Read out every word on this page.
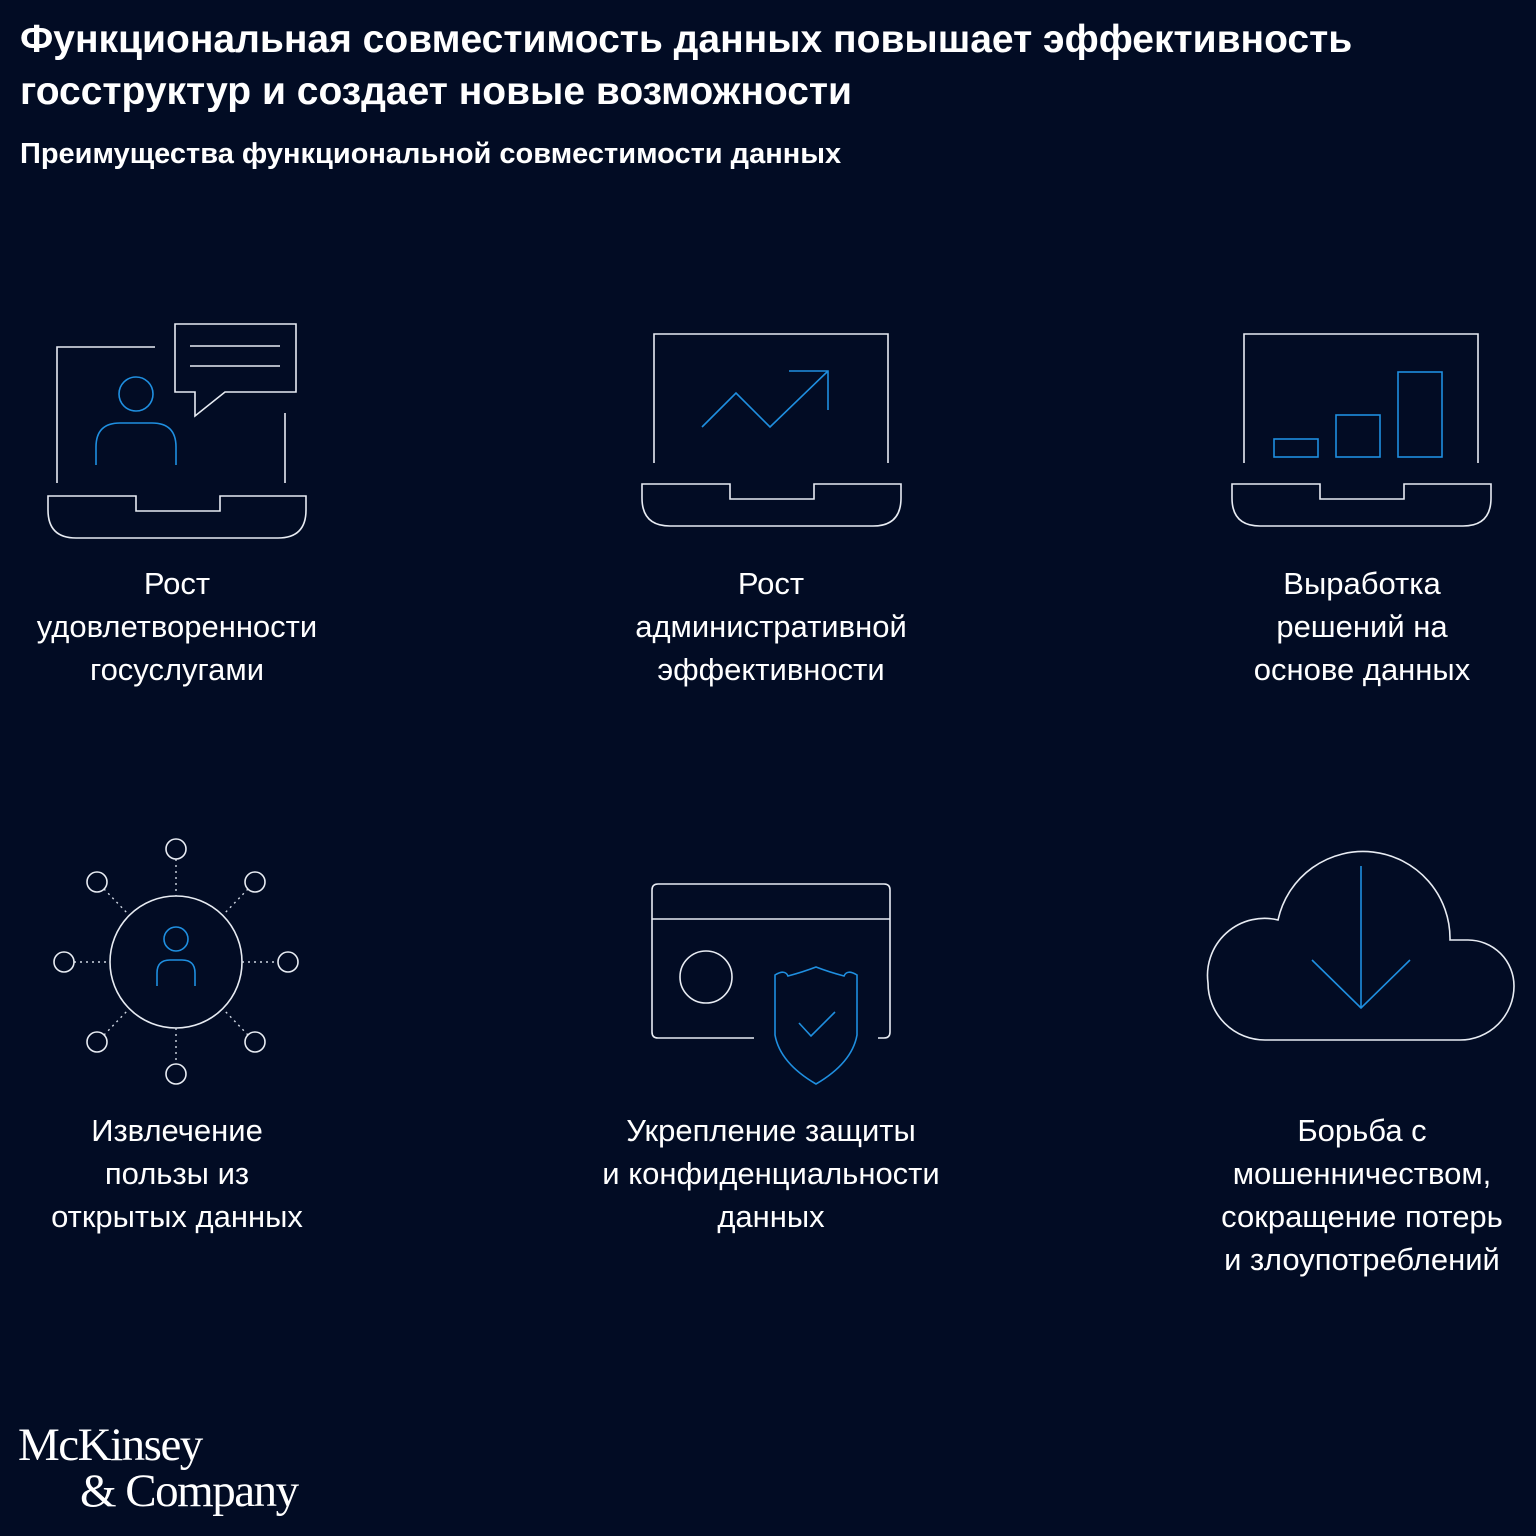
Функциональная совместимость данных повышает эффективность госструктур и создает новые возможности
Преимущества функциональной совместимости данных
Рост
удовлетворенности
госуслугами
Рост
административной
эффективности
Выработка
решений на
основе данных
Извлечение
пользы из
открытых данных
Укрепление защиты
и конфиденциальности
данных
Борьба с
мошенничеством,
сокращение потерь
и злоупотреблений
McKinsey
& Company
